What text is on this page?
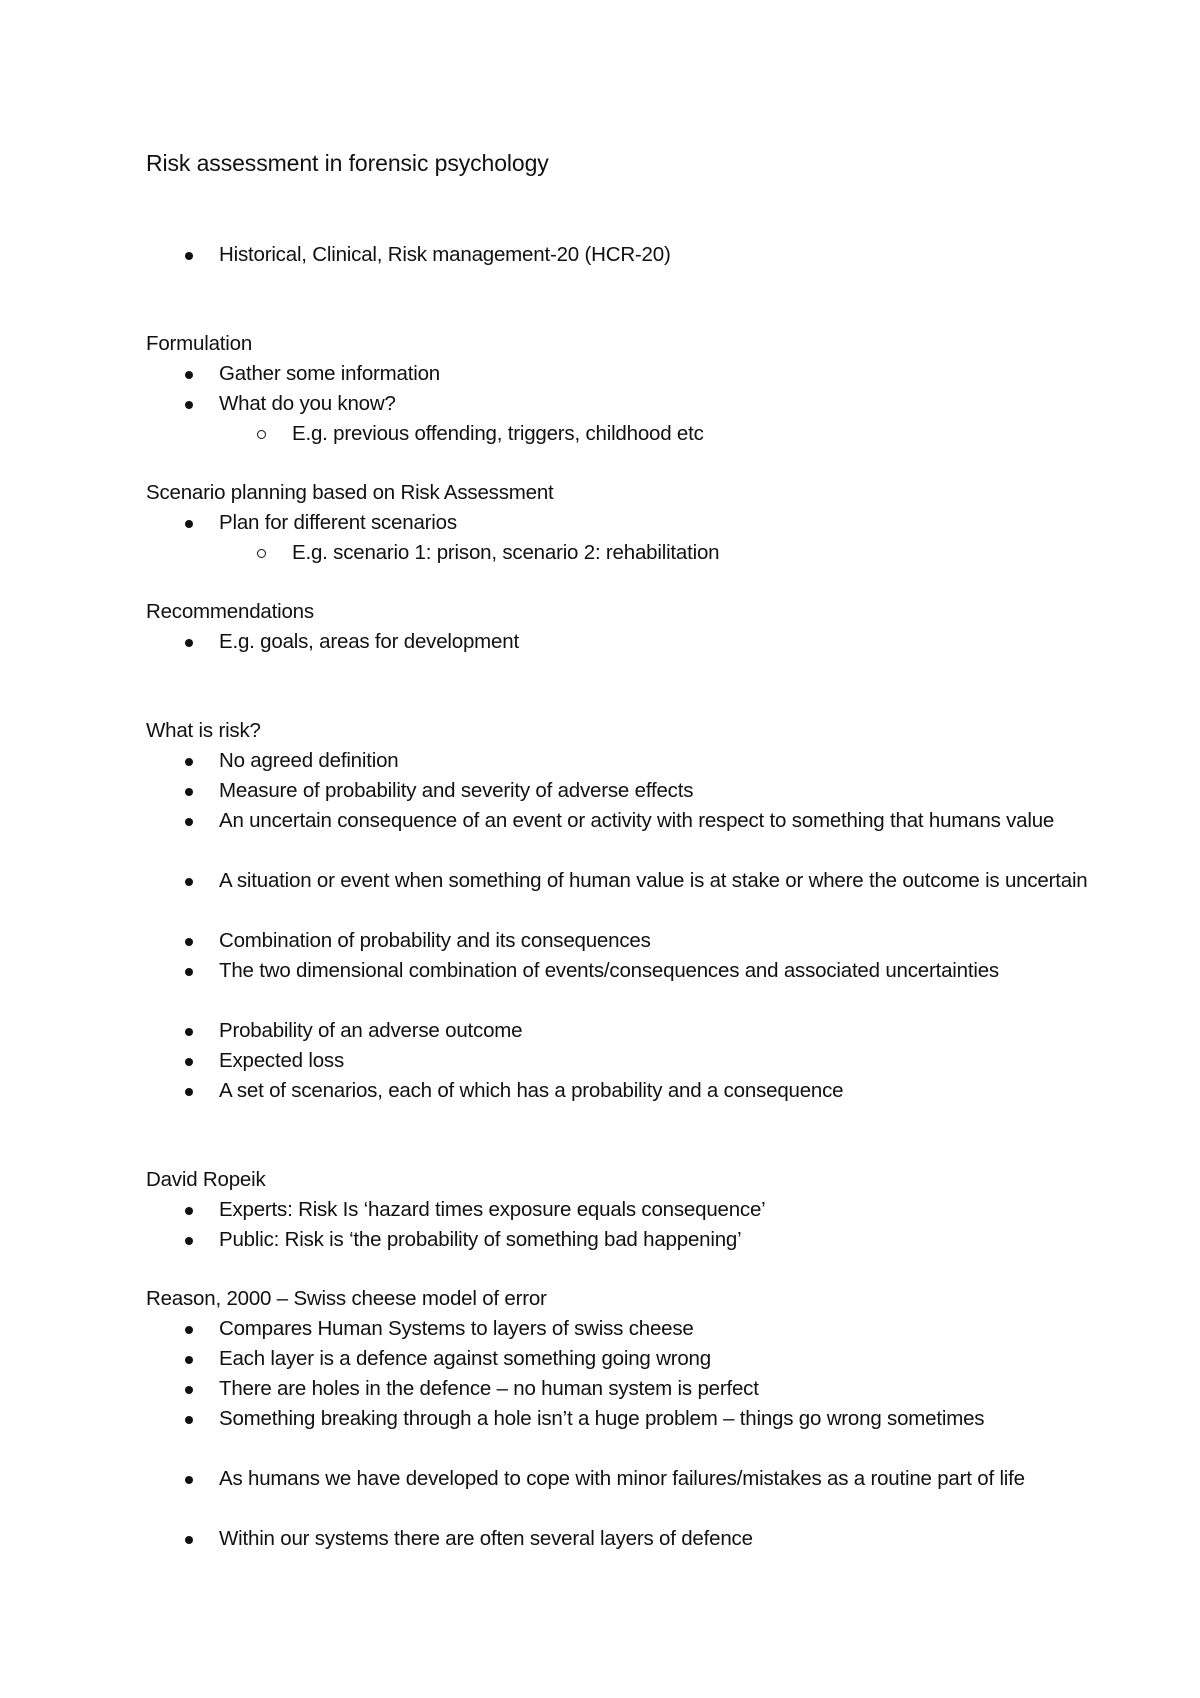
Risk assessment in forensic psychology
Historical, Clinical, Risk management-20 (HCR-20)
Formulation
Gather some information
What do you know?
E.g. previous offending, triggers, childhood etc
Scenario planning based on Risk Assessment
Plan for different scenarios
E.g. scenario 1: prison, scenario 2: rehabilitation
Recommendations
E.g. goals, areas for development
What is risk?
No agreed definition
Measure of probability and severity of adverse effects
An uncertain consequence of an event or activity with respect to something that humans value
A situation or event when something of human value is at stake or where the outcome is uncertain
Combination of probability and its consequences
The two dimensional combination of events/consequences and associated uncertainties
Probability of an adverse outcome
Expected loss
A set of scenarios, each of which has a probability and a consequence
David Ropeik
Experts: Risk Is ‘hazard times exposure equals consequence’
Public: Risk is ‘the probability of something bad happening’
Reason, 2000 – Swiss cheese model of error
Compares Human Systems to layers of swiss cheese
Each layer is a defence against something going wrong
There are holes in the defence – no human system is perfect
Something breaking through a hole isn’t a huge problem – things go wrong sometimes
As humans we have developed to cope with minor failures/mistakes as a routine part of life
Within our systems there are often several layers of defence
